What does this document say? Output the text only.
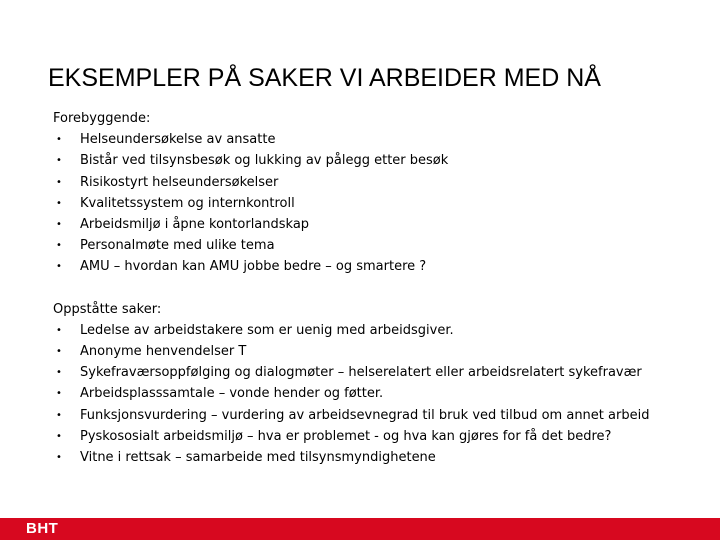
EKSEMPLER PÅ SAKER VI ARBEIDER MED NÅ

Forebyggende:

• Helseundersøkelse av ansatte
• Bistår ved tilsynsbesøk og lukking av pålegg etter besøk
• Risikostyrt helseundersøkelser
• Kvalitetssystem og internkontroll
• Arbeidsmiljø i åpne kontorlandskap
• Personalmøte med ulike tema
• AMU – hvordan kan AMU jobbe bedre – og smartere ?

Oppståtte saker:

• Ledelse av arbeidstakere som er uenig med arbeidsgiver.
• Anonyme henvendelser T
• Sykefraværsoppfølging og dialogmøter – helserelatert eller arbeidsrelatert sykefravær
• Arbeidsplasssamtale – vonde hender og føtter.
• Funksjonsvurdering – vurdering av arbeidsevnegrad til bruk ved tilbud om annet arbeid
• Pyskososialt arbeidsmiljø – hva er problemet - og hva kan gjøres for få det bedre?
• Vitne i rettsak – samarbeide med tilsynsmyndighetene
BHT
